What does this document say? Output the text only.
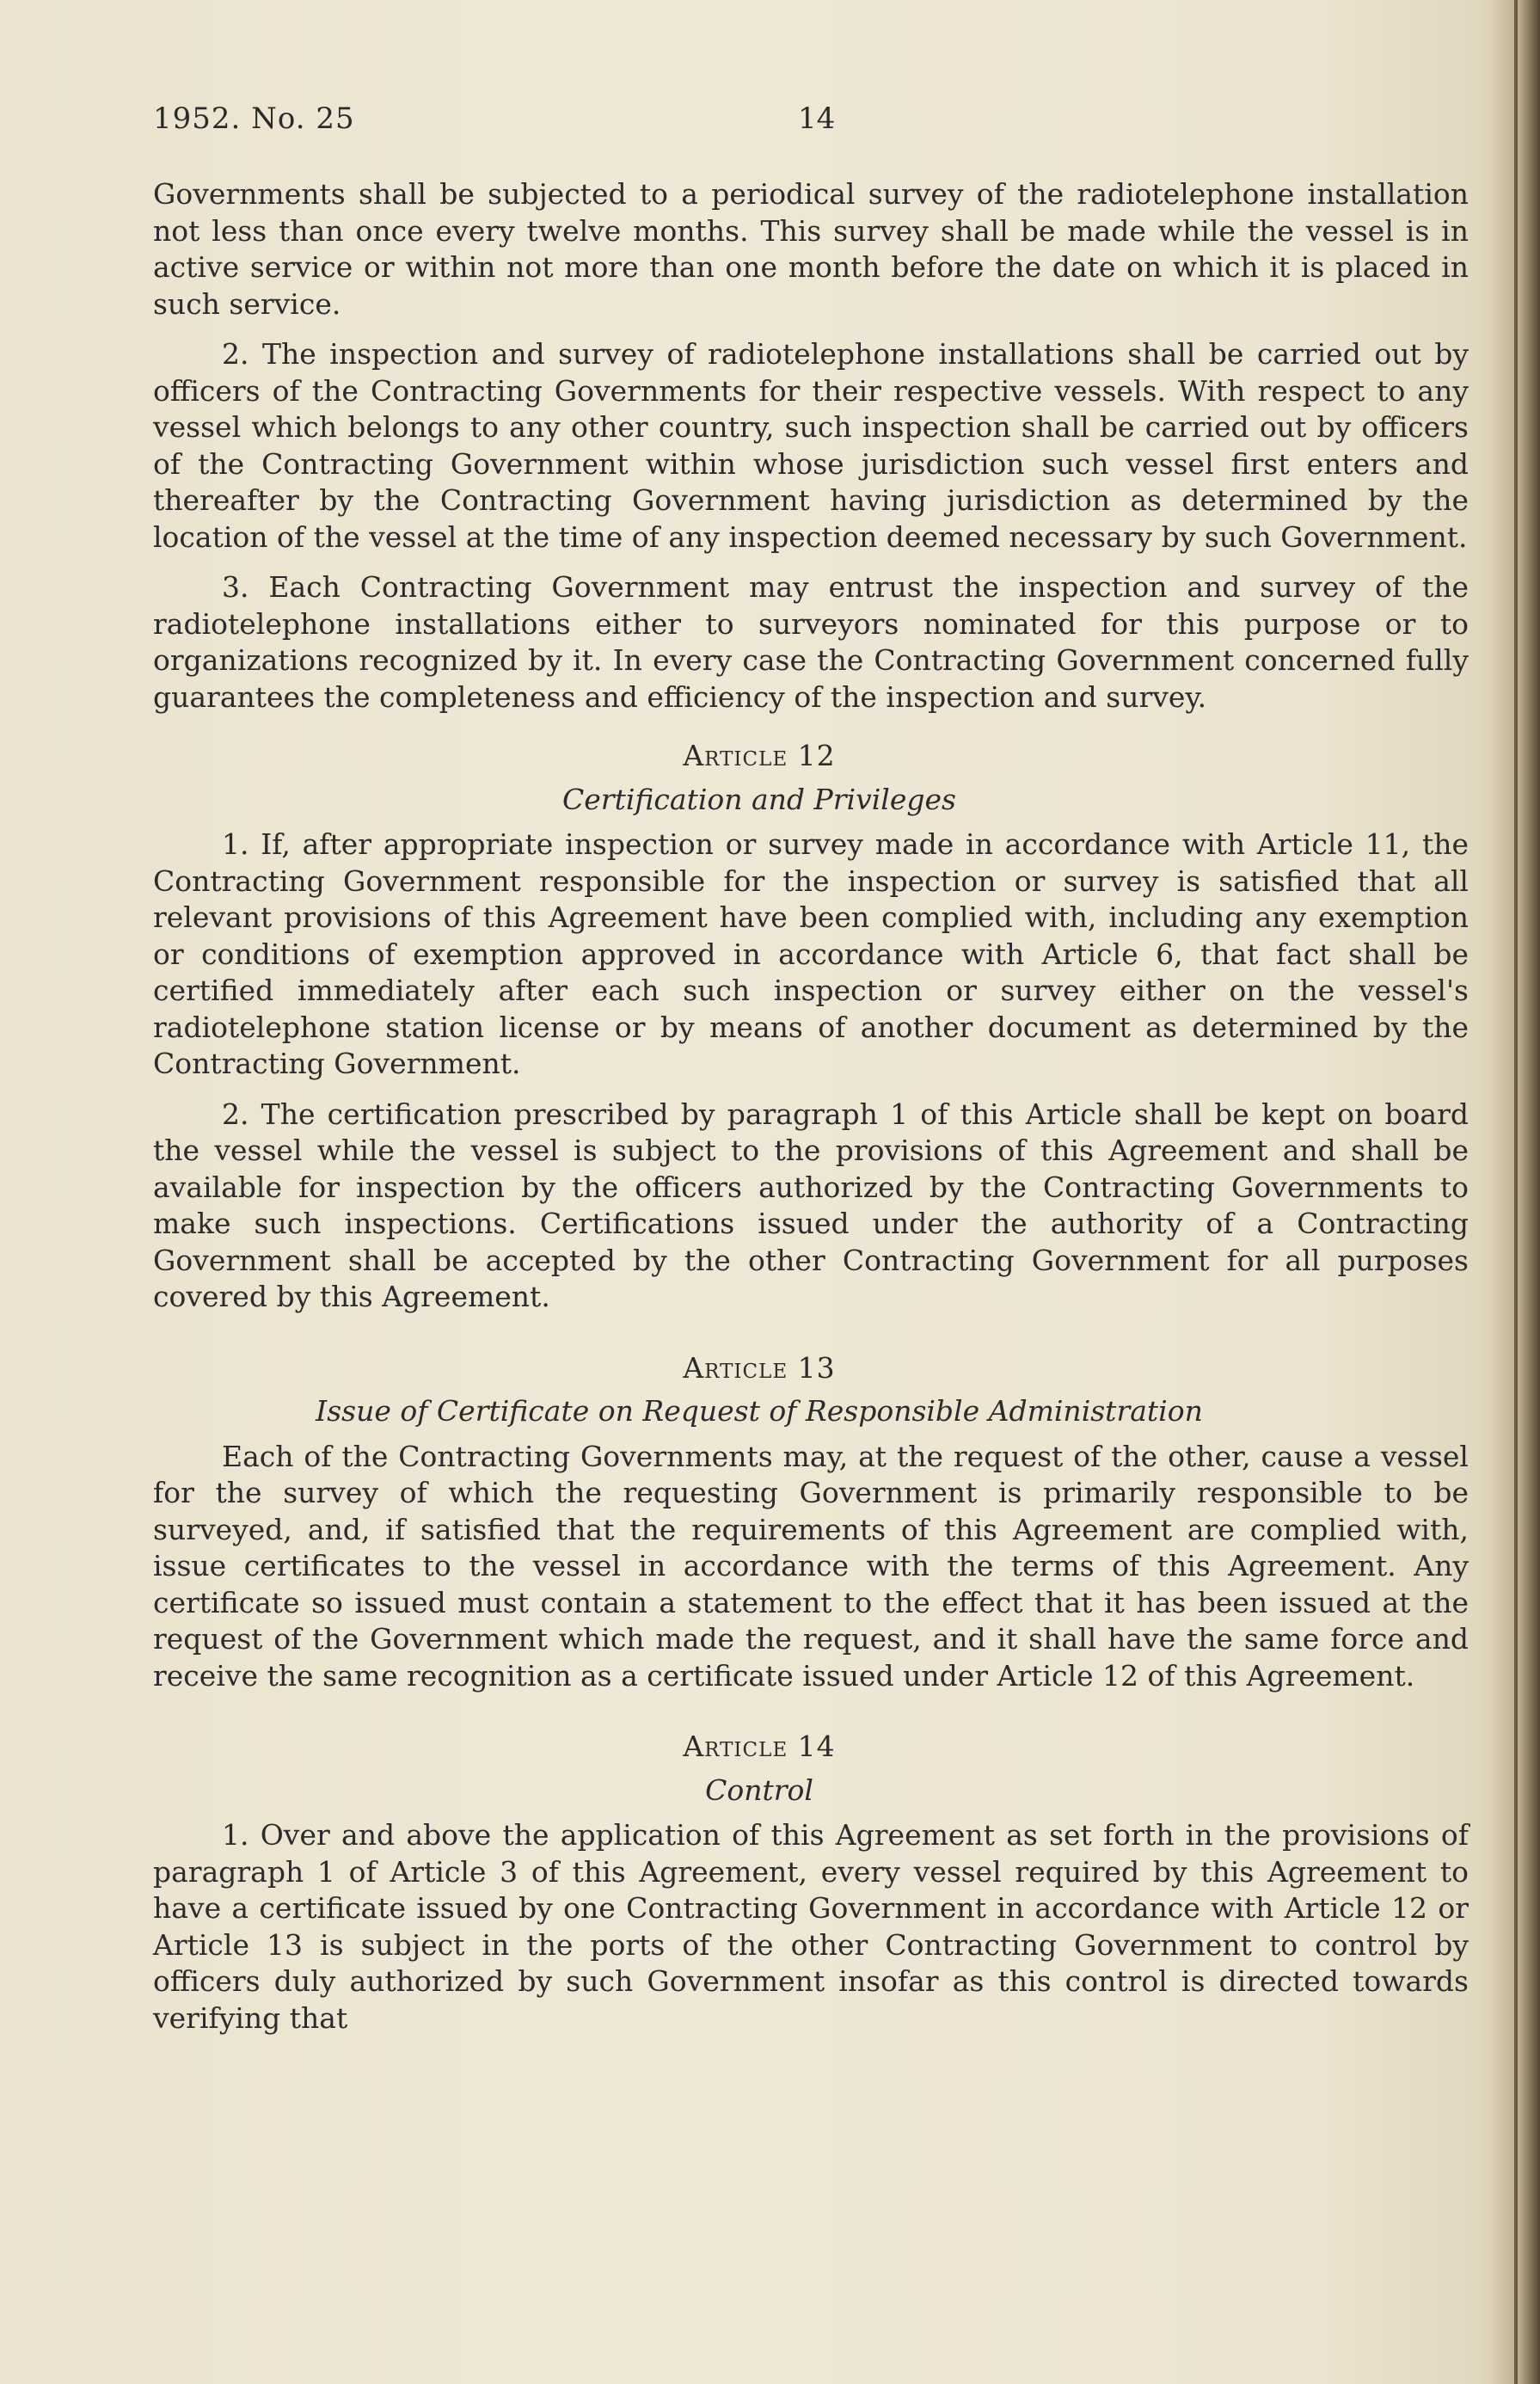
1952. No. 25	14

Governments shall be subjected to a periodical survey of the radiotelephone installation not less than once every twelve months. This survey shall be made while the vessel is in active service or within not more than one month before the date on which it is placed in such service.

2. The inspection and survey of radiotelephone installations shall be carried out by officers of the Contracting Governments for their respective vessels. With respect to any vessel which belongs to any other country, such inspection shall be carried out by officers of the Contracting Government within whose jurisdiction such vessel first enters and thereafter by the Contracting Government having jurisdiction as determined by the location of the vessel at the time of any inspection deemed necessary by such Government.

3. Each Contracting Government may entrust the inspection and survey of the radiotelephone installations either to surveyors nominated for this purpose or to organizations recognized by it. In every case the Contracting Government concerned fully guarantees the completeness and efficiency of the inspection and survey.

Article 12
Certification and Privileges

1. If, after appropriate inspection or survey made in accordance with Article 11, the Contracting Government responsible for the inspection or survey is satisfied that all relevant provisions of this Agreement have been complied with, including any exemption or conditions of exemption approved in accordance with Article 6, that fact shall be certified immediately after each such inspection or survey either on the vessel's radiotelephone station license or by means of another document as determined by the Contracting Government.

2. The certification prescribed by paragraph 1 of this Article shall be kept on board the vessel while the vessel is subject to the provisions of this Agreement and shall be available for inspection by the officers authorized by the Contracting Governments to make such inspections. Certifications issued under the authority of a Contracting Government shall be accepted by the other Contracting Government for all purposes covered by this Agreement.

Article 13
Issue of Certificate on Request of Responsible Administration

Each of the Contracting Governments may, at the request of the other, cause a vessel for the survey of which the requesting Government is primarily responsible to be surveyed, and, if satisfied that the requirements of this Agreement are complied with, issue certificates to the vessel in accordance with the terms of this Agreement. Any certificate so issued must contain a statement to the effect that it has been issued at the request of the Government which made the request, and it shall have the same force and receive the same recognition as a certificate issued under Article 12 of this Agreement.

Article 14
Control

1. Over and above the application of this Agreement as set forth in the provisions of paragraph 1 of Article 3 of this Agreement, every vessel required by this Agreement to have a certificate issued by one Contracting Government in accordance with Article 12 or Article 13 is subject in the ports of the other Contracting Government to control by officers duly authorized by such Government insofar as this control is directed towards verifying that
